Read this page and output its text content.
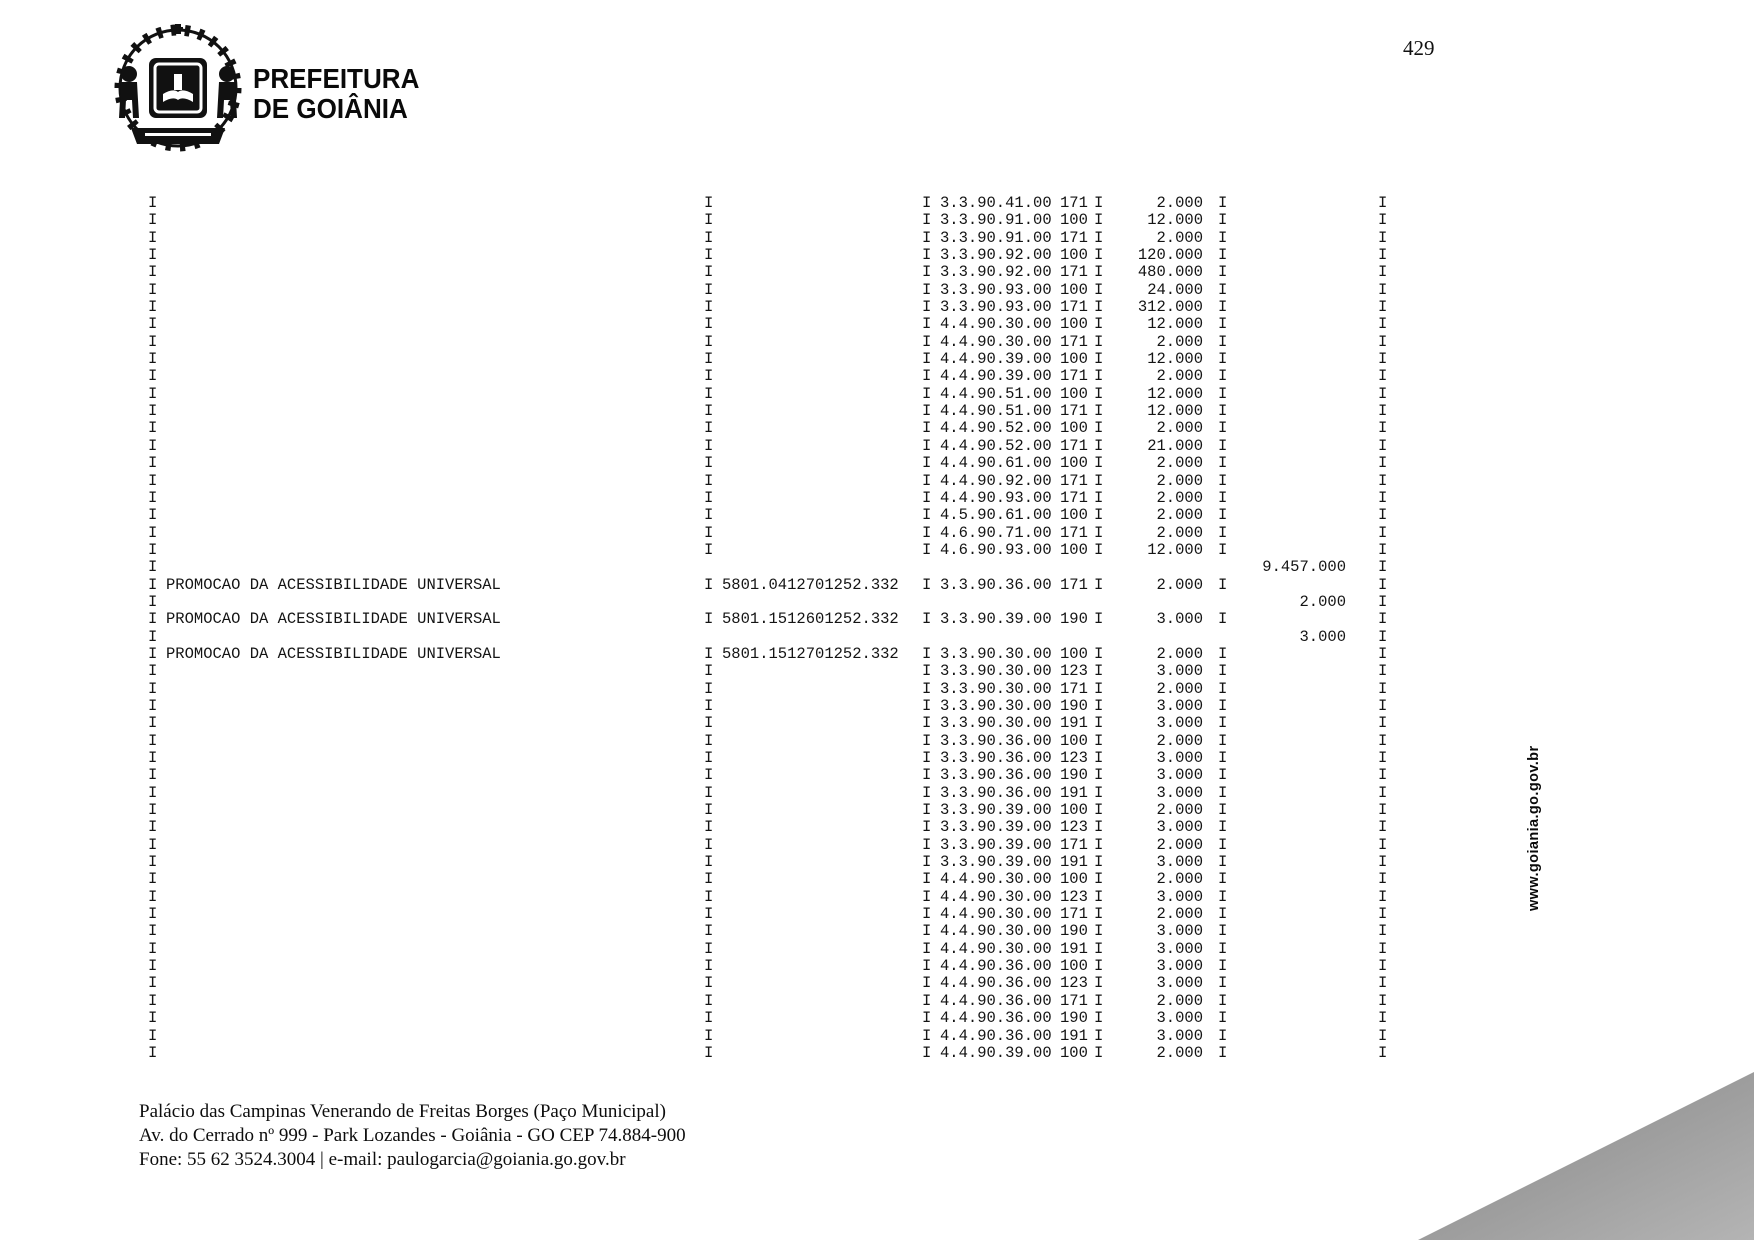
PREFEITURA
DE GOIÂNIA
429
I	I	I 3.3.90.41.00 171 I	2.000 I	I
I	I	I 3.3.90.91.00 100 I	12.000 I	I
I	I	I 3.3.90.91.00 171 I	2.000 I	I
I	I	I 3.3.90.92.00 100 I	120.000 I	I
I	I	I 3.3.90.92.00 171 I	480.000 I	I
I	I	I 3.3.90.93.00 100 I	24.000 I	I
I	I	I 3.3.90.93.00 171 I	312.000 I	I
I	I	I 4.4.90.30.00 100 I	12.000 I	I
I	I	I 4.4.90.30.00 171 I	2.000 I	I
I	I	I 4.4.90.39.00 100 I	12.000 I	I
I	I	I 4.4.90.39.00 171 I	2.000 I	I
I	I	I 4.4.90.51.00 100 I	12.000 I	I
I	I	I 4.4.90.51.00 171 I	12.000 I	I
I	I	I 4.4.90.52.00 100 I	2.000 I	I
I	I	I 4.4.90.52.00 171 I	21.000 I	I
I	I	I 4.4.90.61.00 100 I	2.000 I	I
I	I	I 4.4.90.92.00 171 I	2.000 I	I
I	I	I 4.4.90.93.00 171 I	2.000 I	I
I	I	I 4.5.90.61.00 100 I	2.000 I	I
I	I	I 4.6.90.71.00 171 I	2.000 I	I
I	I	I 4.6.90.93.00 100 I	12.000 I	I
I	9.457.000 I
I PROMOCAO DA ACESSIBILIDADE UNIVERSAL	I 5801.0412701252.332 I 3.3.90.36.00 171 I	2.000 I	I
I	2.000 I
I PROMOCAO DA ACESSIBILIDADE UNIVERSAL	I 5801.1512601252.332 I 3.3.90.39.00 190 I	3.000 I	I
I	3.000 I
I PROMOCAO DA ACESSIBILIDADE UNIVERSAL	I 5801.1512701252.332 I 3.3.90.30.00 100 I	2.000 I	I
I	I	I 3.3.90.30.00 123 I	3.000 I	I
I	I	I 3.3.90.30.00 171 I	2.000 I	I
I	I	I 3.3.90.30.00 190 I	3.000 I	I
I	I	I 3.3.90.30.00 191 I	3.000 I	I
I	I	I 3.3.90.36.00 100 I	2.000 I	I
I	I	I 3.3.90.36.00 123 I	3.000 I	I
I	I	I 3.3.90.36.00 190 I	3.000 I	I
I	I	I 3.3.90.36.00 191 I	3.000 I	I
I	I	I 3.3.90.39.00 100 I	2.000 I	I
I	I	I 3.3.90.39.00 123 I	3.000 I	I
I	I	I 3.3.90.39.00 171 I	2.000 I	I
I	I	I 3.3.90.39.00 191 I	3.000 I	I
I	I	I 4.4.90.30.00 100 I	2.000 I	I
I	I	I 4.4.90.30.00 123 I	3.000 I	I
I	I	I 4.4.90.30.00 171 I	2.000 I	I
I	I	I 4.4.90.30.00 190 I	3.000 I	I
I	I	I 4.4.90.30.00 191 I	3.000 I	I
I	I	I 4.4.90.36.00 100 I	3.000 I	I
I	I	I 4.4.90.36.00 123 I	3.000 I	I
I	I	I 4.4.90.36.00 171 I	2.000 I	I
I	I	I 4.4.90.36.00 190 I	3.000 I	I
I	I	I 4.4.90.36.00 191 I	3.000 I	I
I	I	I 4.4.90.39.00 100 I	2.000 I	I
Palácio das Campinas Venerando de Freitas Borges (Paço Municipal)
Av. do Cerrado nº 999 - Park Lozandes - Goiânia - GO CEP 74.884-900
Fone: 55 62 3524.3004 | e-mail: paulogarcia@goiania.go.gov.br
www.goiania.go.gov.br
